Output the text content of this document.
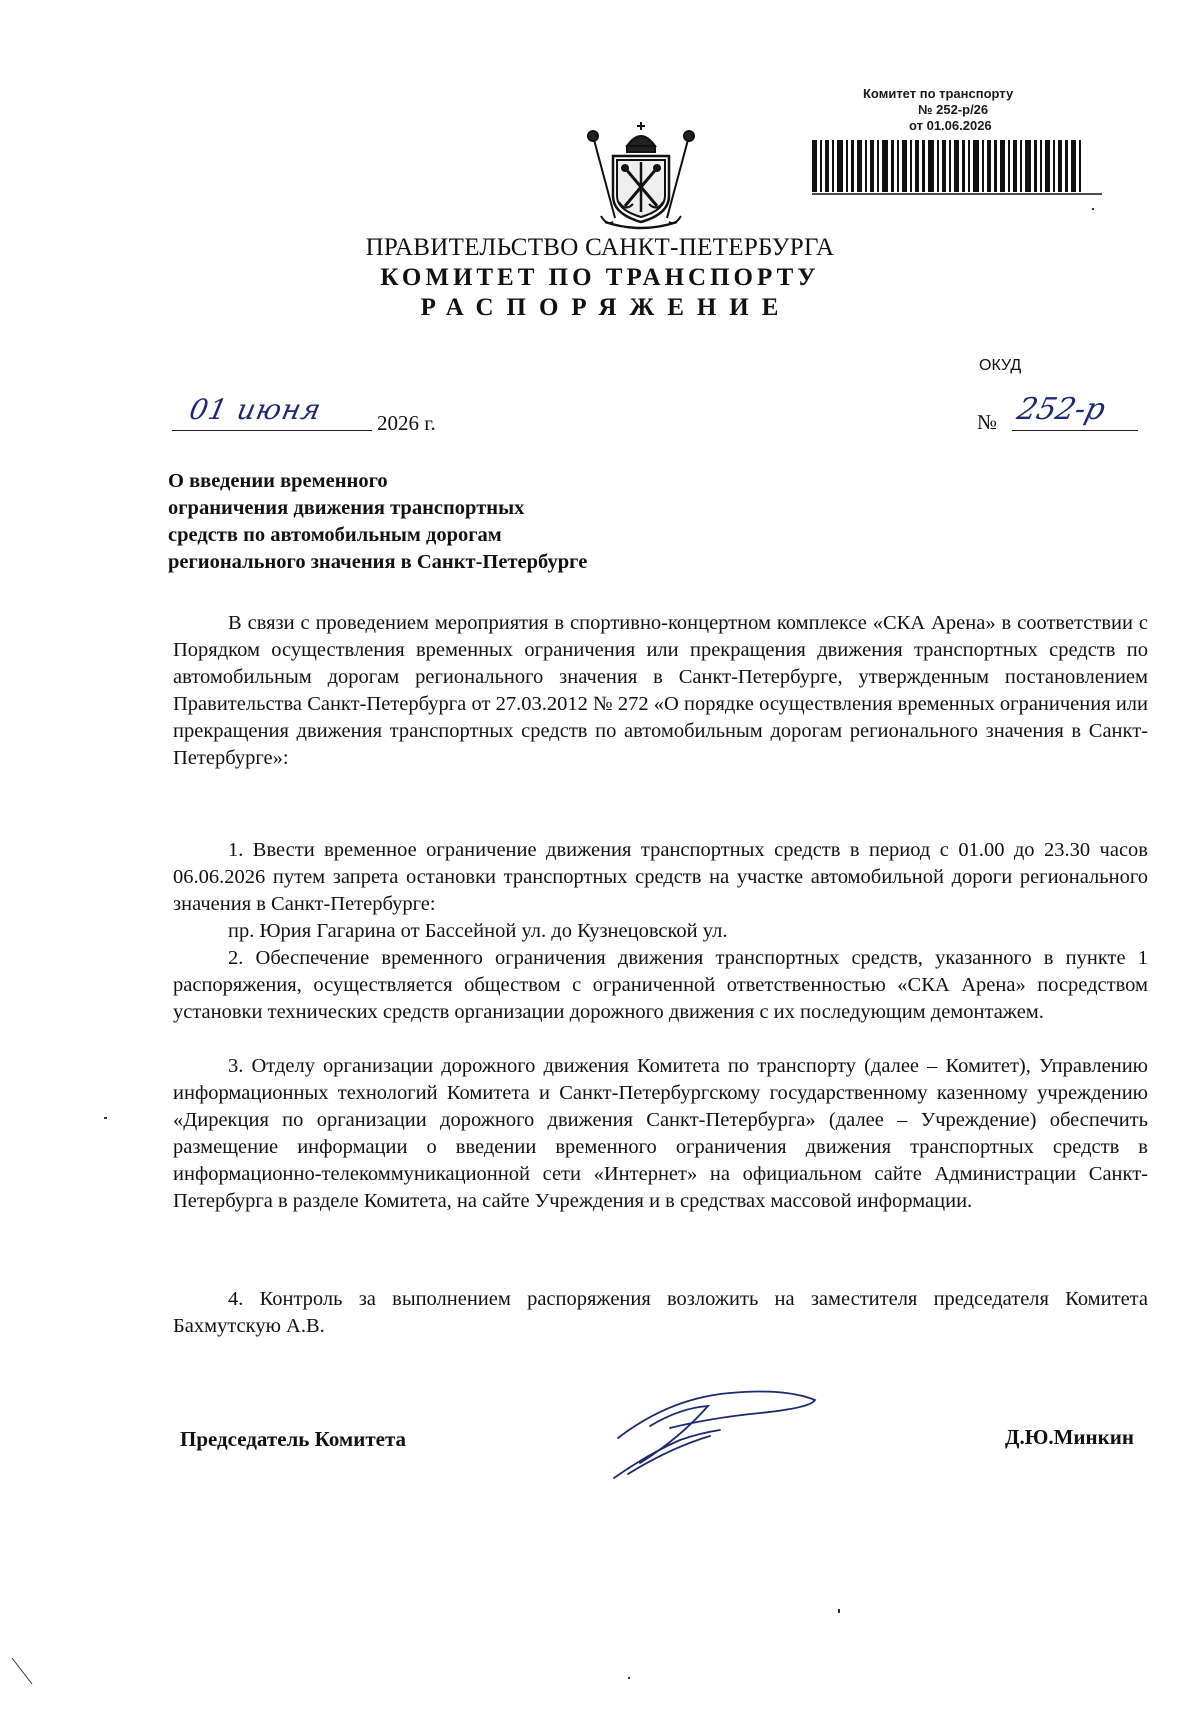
Комитет по транспорту
№ 252-р/26
от 01.06.2026
ПРАВИТЕЛЬСТВО САНКТ-ПЕТЕРБУРГА
КОМИТЕТ ПО ТРАНСПОРТУ
РАСПОРЯЖЕНИЕ
ОКУД
01 июня 2026 г.	№ 252-р
О введении временного
ограничения движения транспортных
средств по автомобильным дорогам
регионального значения в Санкт-Петербурге
В связи с проведением мероприятия в спортивно-концертном комплексе «СКА Арена» в соответствии с Порядком осуществления временных ограничения или прекращения движения транспортных средств по автомобильным дорогам регионального значения в Санкт-Петербурге, утвержденным постановлением Правительства Санкт-Петербурга от 27.03.2012 № 272 «О порядке осуществления временных ограничения или прекращения движения транспортных средств по автомобильным дорогам регионального значения в Санкт-Петербурге»:
1. Ввести временное ограничение движения транспортных средств в период с 01.00 до 23.30 часов 06.06.2026 путем запрета остановки транспортных средств на участке автомобильной дороги регионального значения в Санкт-Петербурге:
пр. Юрия Гагарина от Бассейной ул. до Кузнецовской ул.
2. Обеспечение временного ограничения движения транспортных средств, указанного в пункте 1 распоряжения, осуществляется обществом с ограниченной ответственностью «СКА Арена» посредством установки технических средств организации дорожного движения с их последующим демонтажем.
3. Отделу организации дорожного движения Комитета по транспорту (далее – Комитет), Управлению информационных технологий Комитета и Санкт-Петербургскому государственному казенному учреждению «Дирекция по организации дорожного движения Санкт-Петербурга» (далее – Учреждение) обеспечить размещение информации о введении временного ограничения движения транспортных средств в информационно-телекоммуникационной сети «Интернет» на официальном сайте Администрации Санкт-Петербурга в разделе Комитета, на сайте Учреждения и в средствах массовой информации.
4. Контроль за выполнением распоряжения возложить на заместителя председателя Комитета Бахмутскую А.В.
Председатель Комитета	Д.Ю.Минкин
